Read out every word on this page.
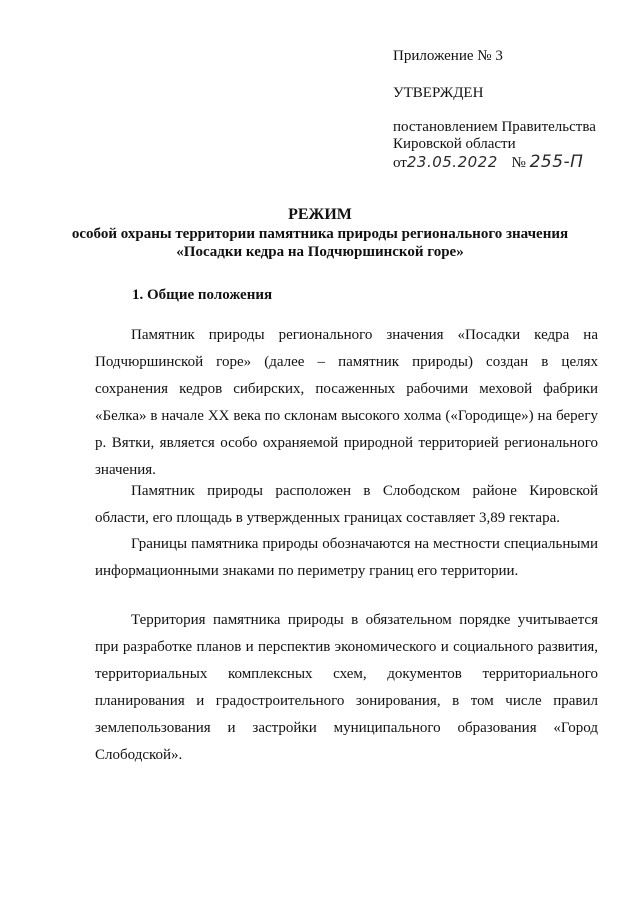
Приложение № 3
УТВЕРЖДЕН
постановлением Правительства
Кировской области
от23.05.2022 № 255-П
РЕЖИМ
особой охраны территории памятника природы регионального значения
«Посадки кедра на Подчюршинской горе»
1. Общие положения

Памятник природы регионального значения «Посадки кедра на Подчюршинской горе» (далее – памятник природы) создан в целях сохранения кедров сибирских, посаженных рабочими меховой фабрики «Белка» в начале XX века по склонам высокого холма («Городище») на берегу р. Вятки, является особо охраняемой природной территорией регионального значения.

Памятник природы расположен в Слободском районе Кировской области, его площадь в утвержденных границах составляет 3,89 гектара.

Границы памятника природы обозначаются на местности специальными информационными знаками по периметру границ его территории.

Территория памятника природы в обязательном порядке учитывается при разработке планов и перспектив экономического и социального развития, территориальных комплексных схем, документов территориального планирования и градостроительного зонирования, в том числе правил землепользования и застройки муниципального образования «Город Слободской».
